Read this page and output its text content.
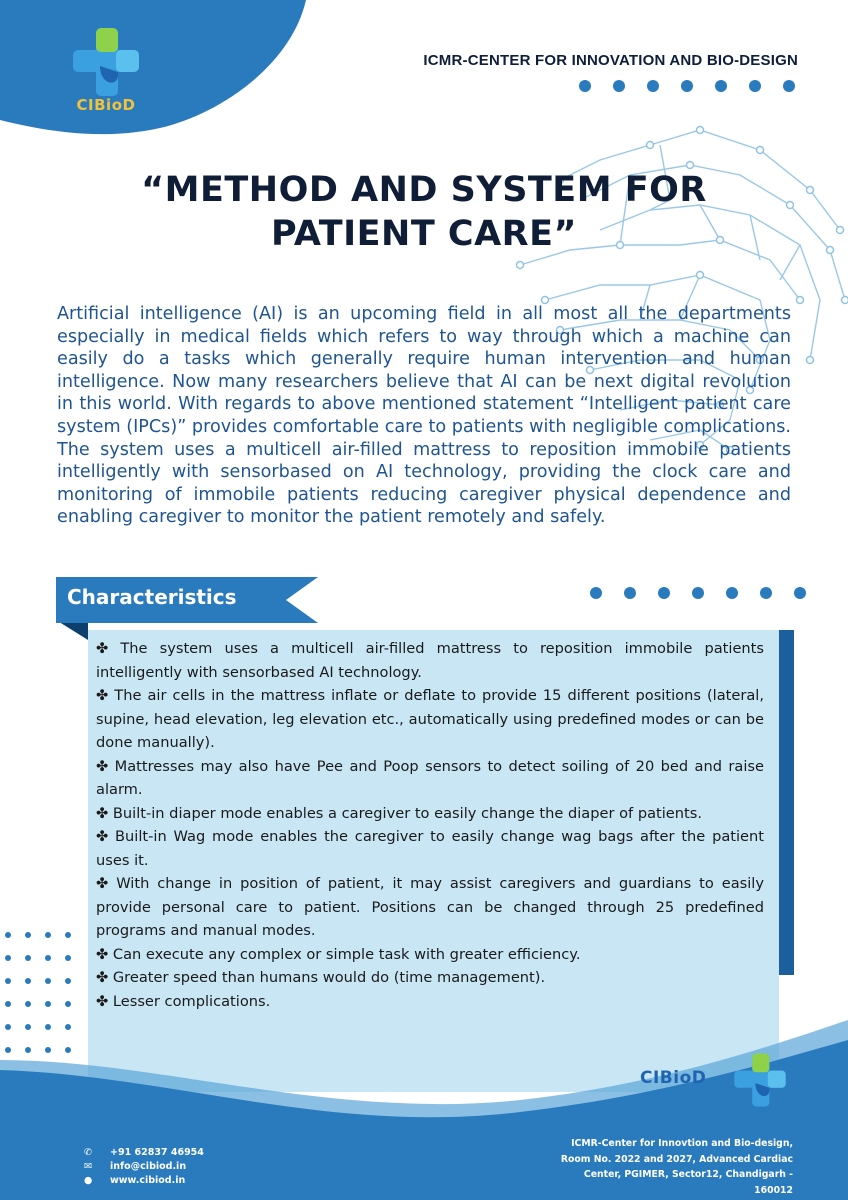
CIBioD
ICMR-CENTER FOR INNOVATION AND BIO-DESIGN
“METHOD AND SYSTEM FOR
PATIENT CARE”

Artificial intelligence (AI) is an upcoming field in all most all the departments especially in medical fields which refers to way through which a machine can easily do a tasks which generally require human intervention and human intelligence. Now many researchers believe that AI can be next digital revolution in this world. With regards to above mentioned statement “Intelligent patient care system (IPCs)” provides comfortable care to patients with negligible complications. The system uses a multicell air-filled mattress to reposition immobile patients intelligently with sensorbased on AI technology, providing the clock care and monitoring of immobile patients reducing caregiver physical dependence and enabling caregiver to monitor the patient remotely and safely.

Characteristics
✤ The system uses a multicell air-filled mattress to reposition immobile patients intelligently with sensorbased AI technology.
✤ The air cells in the mattress inflate or deflate to provide 15 different positions (lateral, supine, head elevation, leg elevation etc., automatically using predefined modes or can be done manually).
✤ Mattresses may also have Pee and Poop sensors to detect soiling of 20 bed and raise alarm.
✤ Built-in diaper mode enables a caregiver to easily change the diaper of patients.
✤ Built-in Wag mode enables the caregiver to easily change wag bags after the patient uses it.
✤ With change in position of patient, it may assist caregivers and guardians to easily provide personal care to patient. Positions can be changed through 25 predefined programs and manual modes.
✤ Can execute any complex or simple task with greater efficiency.
✤ Greater speed than humans would do (time management).
✤ Lesser complications.
CIBioD
✆ +91 62837 46954
✉ info@cibiod.in
● www.cibiod.in
ICMR-Center for Innovtion and Bio-design,
Room No. 2022 and 2027, Advanced Cardiac
Center, PGIMER, Sector12, Chandigarh - 160012
